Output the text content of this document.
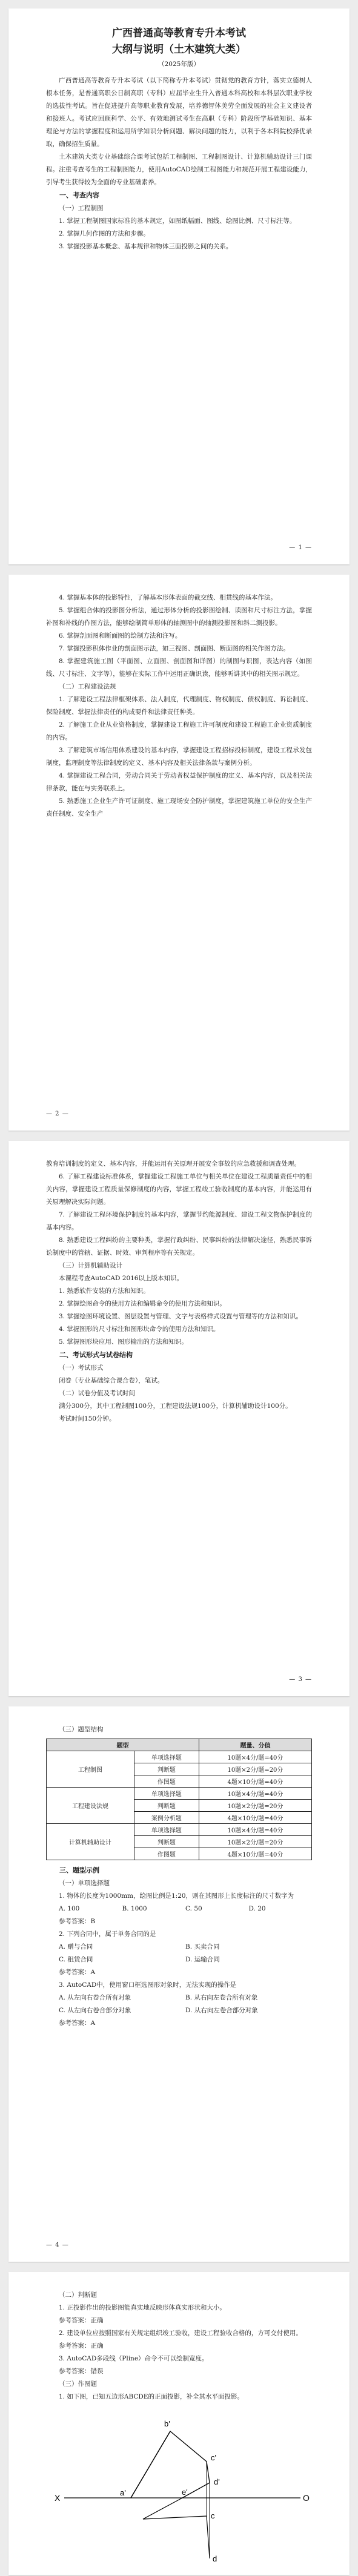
广西普通高等教育专升本考试
大纲与说明（土木建筑大类）
（2025年版）

广西普通高等教育专升本考试（以下简称专升本考试）贯彻党的教育方针，落实立德树人根本任务，是普通高职公日制高职（专科）应届毕业生升入普通本科高校和本科层次职业学校的选拔性考试。旨在促进提升高等职业教育发展，培养德智体美劳全面发展的社会主义建设者和接班人。考试应回顾科学、公平、有效地测试考生在高职（专科）阶段所学基础知识、基本理论与方法的掌握程度和运用所学知识分析问题、解决问题的能力，以利于各本科院校择优录取，确保招生质量。

土木建筑大类专业基础综合课考试包括工程制图、工程制图设计、计算机辅助设计三门课程。注重考查考生的工程制图能力，使用AutoCAD绘制工程图能力和规范开展工程建设能力，引导考生获得较为全面的专业基础素养。

一、考查内容
（一）工程制图

1. 掌握工程制图国家标准的基本规定，如图纸幅面、图线、绘图比例、尺寸标注等。

2. 掌握几何作图的方法和步骤。

3. 掌握投影基本概念、基本规律和物体三面投影之间的关系。

— 1 —

4. 掌握基本体的投影特性，了解基本形体表面的截交线、相贯线的基本作法。

5. 掌握组合体的投影图分析法，通过形体分析的投影图绘制、读图和尺寸标注方法，掌握补图和补线的作图方法，能够绘制简单形体的轴测图中的轴测投影图和斜二测投影。

6. 掌握剖面图和断面图的绘制方法和注写。

7. 掌握投影积体作业的剖面图示法，如三视图、剖面图、断面图的相关作图方法。

8. 掌握建筑施工图（平面图、立面图、剖面图和详图）的制图与识图，表达内容（如图线、尺寸标注、文字等），能够在实际工作中运用正确识读，能够听讲其中的相关图示规定。

（二）工程建设法规

1. 了解建设工程法律框架体系、法人制度，代理制度、物权制度、债权制度、诉讼制度、保险制度、掌握法律责任的构成要件和法律责任种类。

2. 了解施工企业从业资格制度，掌握建设工程施工许可制度和建设工程施工企业资质制度的内容。

3. 了解建筑市场信用体系建设的基本内容，掌握建设工程招标投标制度，建设工程承发包制度，监理制度等法律制度的定义、基本内容及相关法律条款与案例分析。

4. 掌握建设工程合同，劳动合同关于劳动者权益保护制度的定义、基本内容，以及相关法律条款，能在与实务联系上。

5. 熟悉施工企业生产许可证制度、施工现场安全防护制度，掌握建筑施工单位的安全生产责任制度、安全生产

— 2 —

教育培训制度的定义、基本内容，并能运用有关原理开展安全事故的应急救援和调查处理。

6. 了解工程建设标准体系，掌握建设工程施工单位与相关单位在建设工程质量责任中的相关内容，掌握建设工程质量保修制度的内容，掌握工程竣工验收制度的基本内容，并能运用有关原理解决实际问题。

7. 了解建设工程环境保护制度的基本内容，掌握节约能源制度、建设工程文物保护制度的基本内容。

8. 熟悉建设工程纠纷的主要种类，掌握行政纠纷、民事纠纷的法律解决途径，熟悉民事诉讼制度中的管辖、证据、时效、审判程序等有关规定。

（三）计算机辅助设计

本课程考查AutoCAD 2016以上版本知识。

1. 熟悉软件安装的方法和知识。

2. 掌握绘图命令的使用方法和编辑命令的使用方法和知识。

3. 掌握绘图环境设置、图层设置与管理、文字与表格样式设置与管理等的方法和知识。

4. 掌握图形的尺寸标注和图形块命令的使用方法和知识。

5. 掌握图形块应用、图形输出的方法和知识。

二、考试形式与试卷结构
（一）考试形式

闭卷（专业基础综合课合卷），笔试。

（二）试卷分值及考试时间

满分300分，其中工程制图100分，工程建设法规100分，计算机辅助设计100分。

考试时间150分钟。

— 3 —
（三）题型结构
题型		题量、分值
工程制图	单项选择题	10题×4分/题=40分
	判断题	10题×2分/题=20分
	作图题	4题×10分/题=40分
工程建设法规	单项选择题	10题×4分/题=40分
	判断题	10题×2分/题=20分
	案例分析题	4题×10分/题=40分
计算机辅助设计	单项选择题	10题×4分/题=40分
	判断题	10题×2分/题=20分
	作图题	4题×10分/题=40分
三、题型示例
（一）单项选择题

1. 物体的长度为1000mm，绘图比例是1:20，则在其图形上长度标注的尺寸数字为

A. 100	B. 1000	C. 50	D. 20

参考答案：B

2. 下列合同中，属于单务合同的是

A. 赠与合同	B. 买卖合同
C. 租赁合同	D. 运输合同

参考答案：A

3. AutoCAD中，使用窗口框选图形对象时，无法实现的操作是

A. 从左向右卷合所有对象	B. 从右向左卷合所有对象
C. 从左向右卷合部分对象	D. 从右向左卷合部分对象

参考答案：A

— 4 —
（二）判断题

1. 正投影作出的投影图能真实地反映形体真实形状和大小。

参考答案：正确

2. 建设单位应按照国家有关规定组织竣工验收，建设工程验收合格的，方可交付使用。

参考答案：正确

3. AutoCAD多段线（Pline）命令不可以绘制宽度。

参考答案：错误

（三）作图题

1. 如下图，已知五边形ABCDE的正面投影，补全其水平面投影。

b'
c'
d'
a'	e'
X	O
c
d
